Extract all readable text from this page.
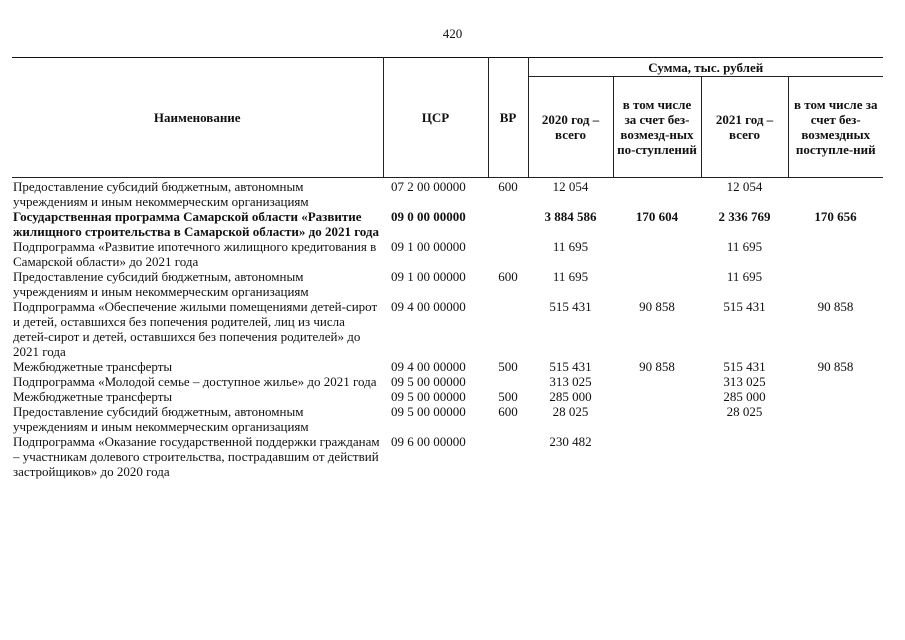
420
Наименование	ЦСР	ВР	Сумма, тыс. рублей			
			2020 год – всего	в том числе за счет без-возмезд-ных по-ступлений	2021 год – всего	в том числе за счет без-возмездных поступле-ний
Предоставление субсидий бюджетным, автономным учреждениям и иным некоммерческим организациям	07 2 00 00000	600	12 054		12 054	
Государственная программа Самарской области «Развитие жилищного строительства в Самарской области» до 2021 года	09 0 00 00000		3 884 586	170 604	2 336 769	170 656
Подпрограмма «Развитие ипотечного жилищного кредитования в Самарской области» до 2021 года	09 1 00 00000		11 695		11 695	
Предоставление субсидий бюджетным, автономным учреждениям и иным некоммерческим организациям	09 1 00 00000	600	11 695		11 695	
Подпрограмма «Обеспечение жилыми помещениями детей-сирот и детей, оставшихся без попечения родителей, лиц из числа детей-сирот и детей, оставшихся без попечения родителей» до 2021 года	09 4 00 00000		515 431	90 858	515 431	90 858
Межбюджетные трансферты	09 4 00 00000	500	515 431	90 858	515 431	90 858
Подпрограмма «Молодой семье – доступное жилье» до 2021 года	09 5 00 00000		313 025		313 025	
Межбюджетные трансферты	09 5 00 00000	500	285 000		285 000	
Предоставление субсидий бюджетным, автономным учреждениям и иным некоммерческим организациям	09 5 00 00000	600	28 025		28 025	
Подпрограмма «Оказание государственной поддержки гражданам – участникам долевого строительства, пострадавшим от действий застройщиков» до 2020 года	09 6 00 00000		230 482			
